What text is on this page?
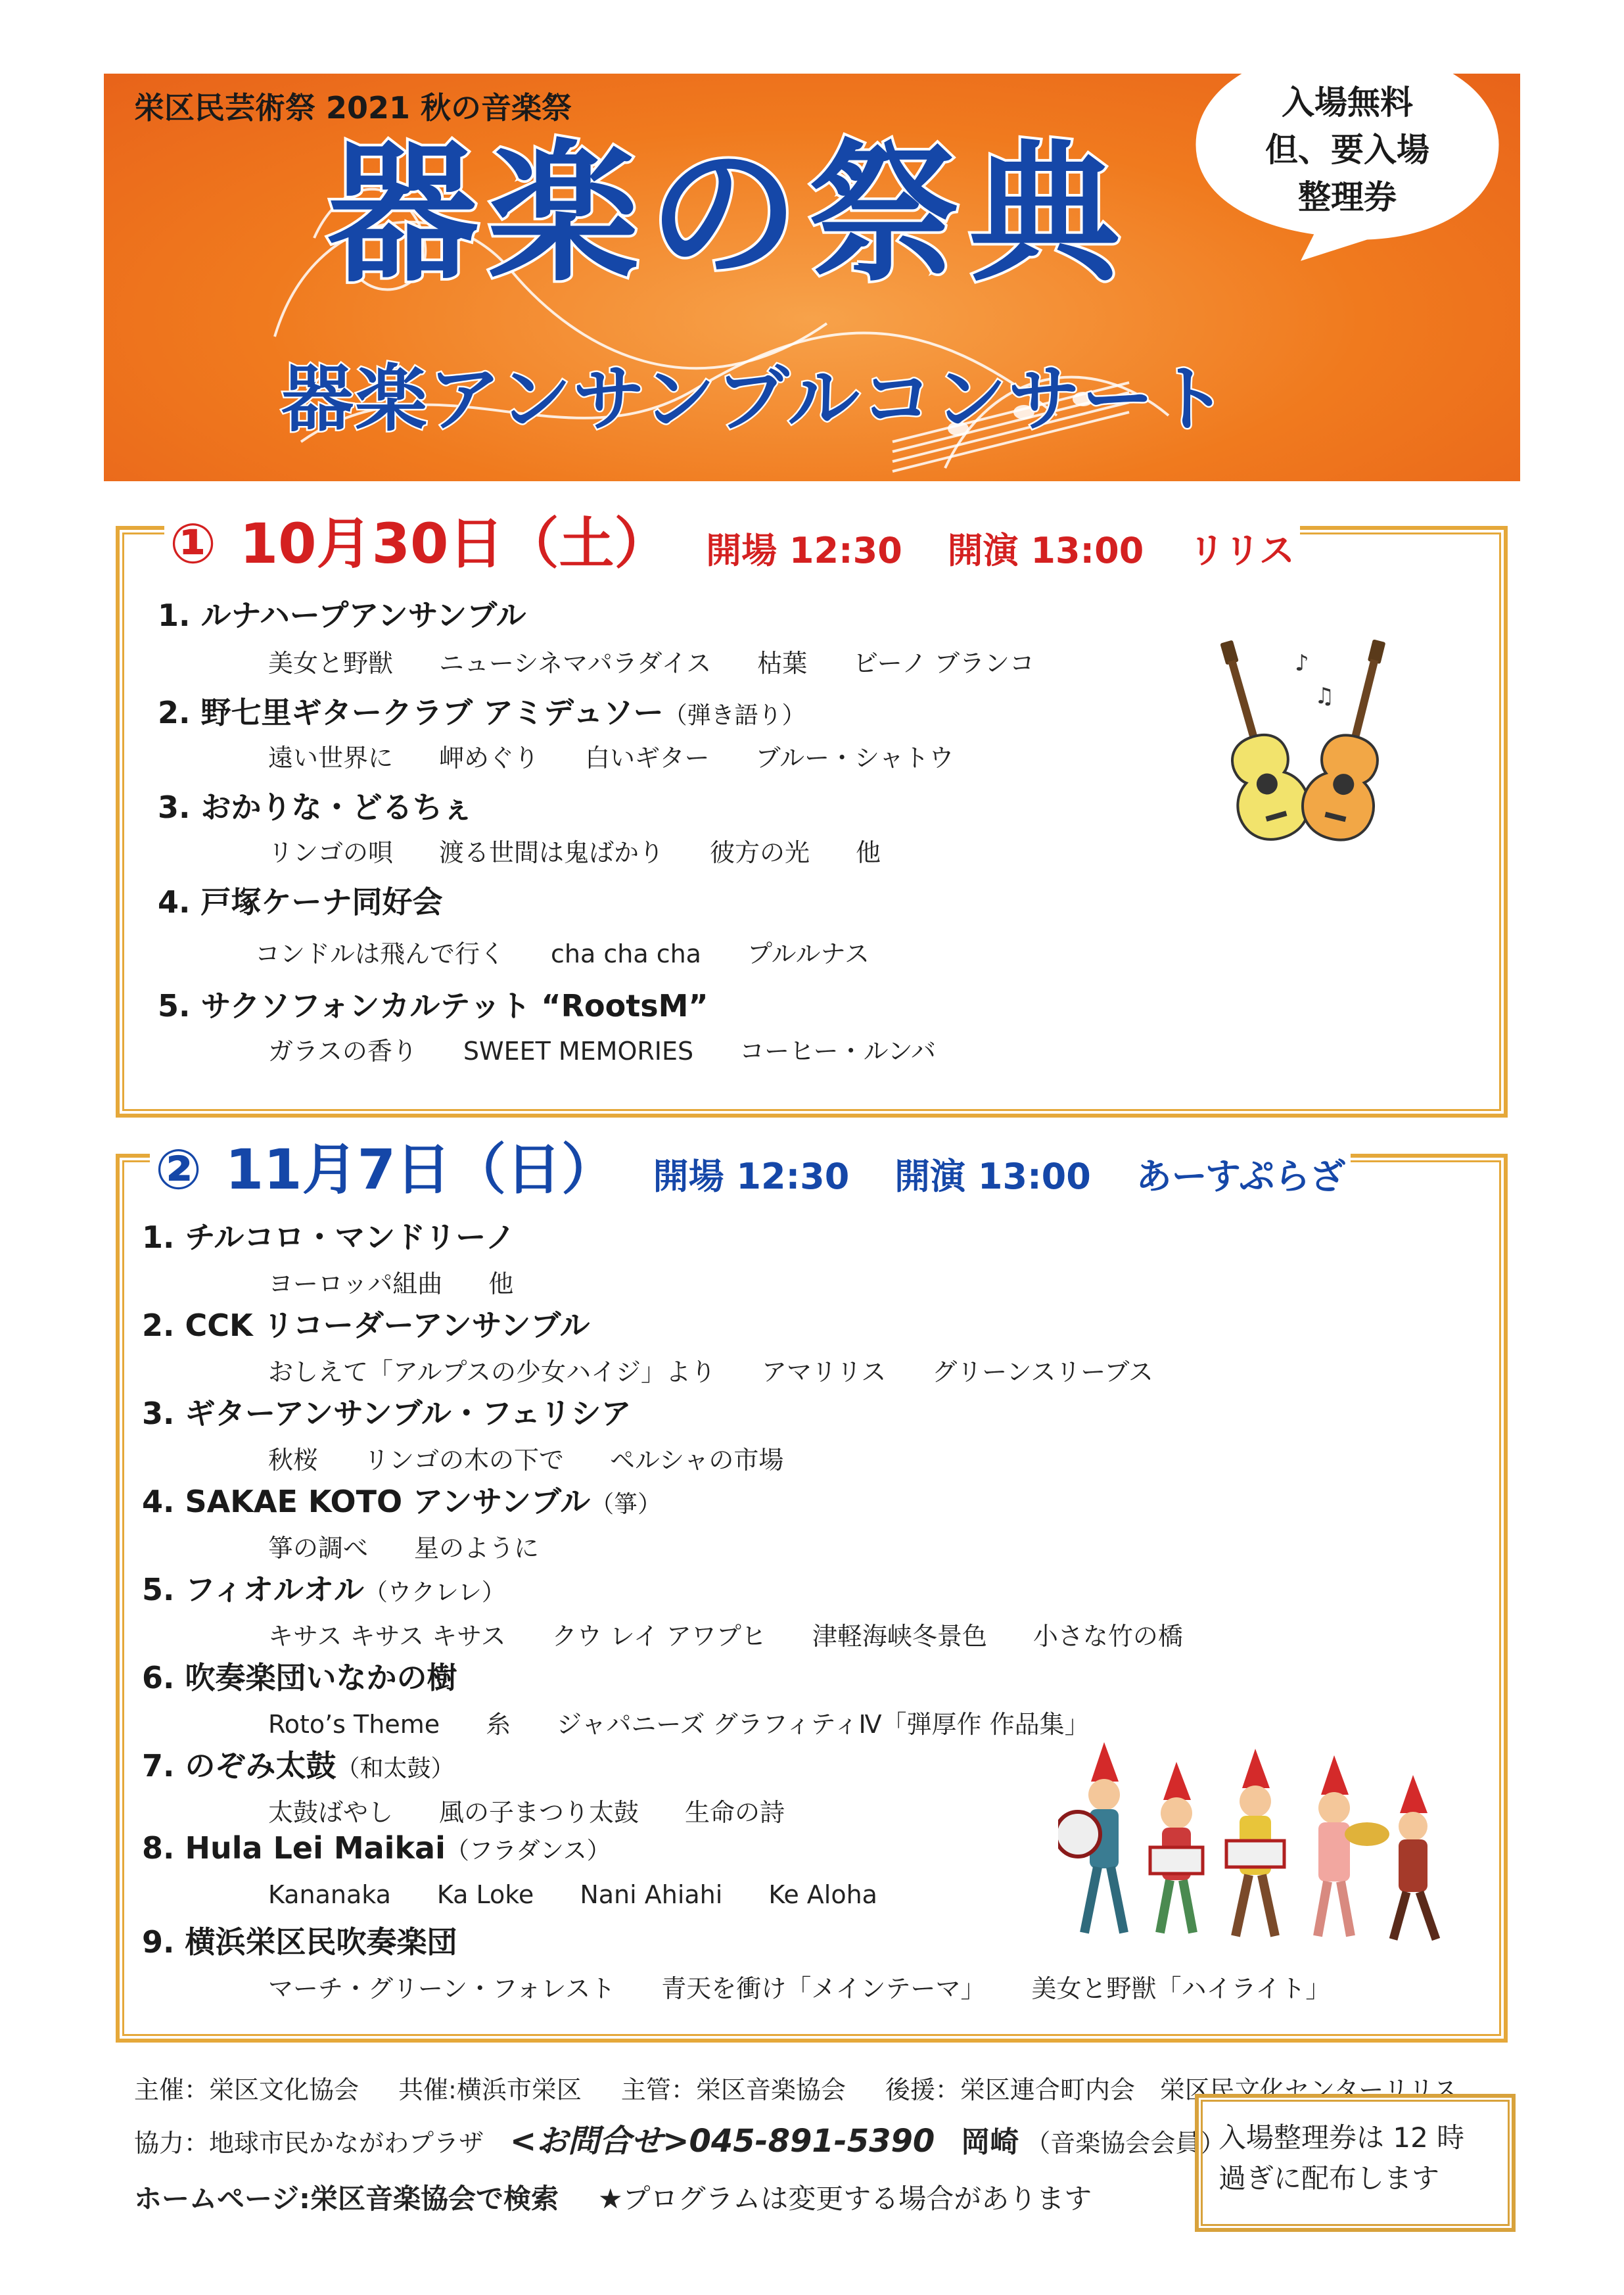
栄区民芸術祭 2021 秋の音楽祭
器楽の祭典
器楽アンサンブルコンサート
入場無料
但、要入場
整理券
① 10月30日（土） 開場 12:30 開演 13:00 リリス
1. ルナハープアンサンブル
美女と野獣 ニューシネマパラダイス 枯葉 ビーノ ブランコ
2. 野七里ギタークラブ アミデュソー（弾き語り）
遠い世界に 岬めぐり 白いギター ブルー・シャトウ
3. おかりな・どるちぇ
リンゴの唄 渡る世間は鬼ばかり 彼方の光 他
4. 戸塚ケーナ同好会
コンドルは飛んで行く cha cha cha プルルナス
5. サクソフォンカルテット “RootsM”
ガラスの香り SWEET MEMORIES コーヒー・ルンバ
♪
♫
② 11月7日（日） 開場 12:30 開演 13:00 あーすぷらざ
1. チルコロ・マンドリーノ
ヨーロッパ組曲 他
2. CCK リコーダーアンサンブル
おしえて「アルプスの少女ハイジ」より アマリリス グリーンスリーブス
3. ギターアンサンブル・フェリシア
秋桜 リンゴの木の下で ペルシャの市場
4. SAKAE KOTO アンサンブル（箏）
箏の調べ 星のように
5. フィオルオル（ウクレレ）
キサス キサス キサス クウ レイ アワプヒ 津軽海峡冬景色 小さな竹の橋
6. 吹奏楽団いなかの樹
Roto’s Theme 糸 ジャパニーズ グラフィティⅣ「弾厚作 作品集」
7. のぞみ太鼓（和太鼓）
太鼓ばやし 風の子まつり太鼓 生命の詩
8. Hula Lei Maikai（フラダンス）
Kananaka Ka Loke Nani Ahiahi Ke Aloha
9. 横浜栄区民吹奏楽団
マーチ・グリーン・フォレスト 青天を衝け「メインテーマ」 美女と野獣「ハイライト」
主催：栄区文化協会 共催:横浜市栄区 主管：栄区音楽協会 後援：栄区連合町内会　栄区民文化センターリリス
協力：地球市民かながわプラザ <お問合せ>045-891-5390 岡崎 （音楽協会会員）
ホームページ:栄区音楽協会で検索 ★プログラムは変更する場合があります
入場整理券は 12 時
過ぎに配布します
